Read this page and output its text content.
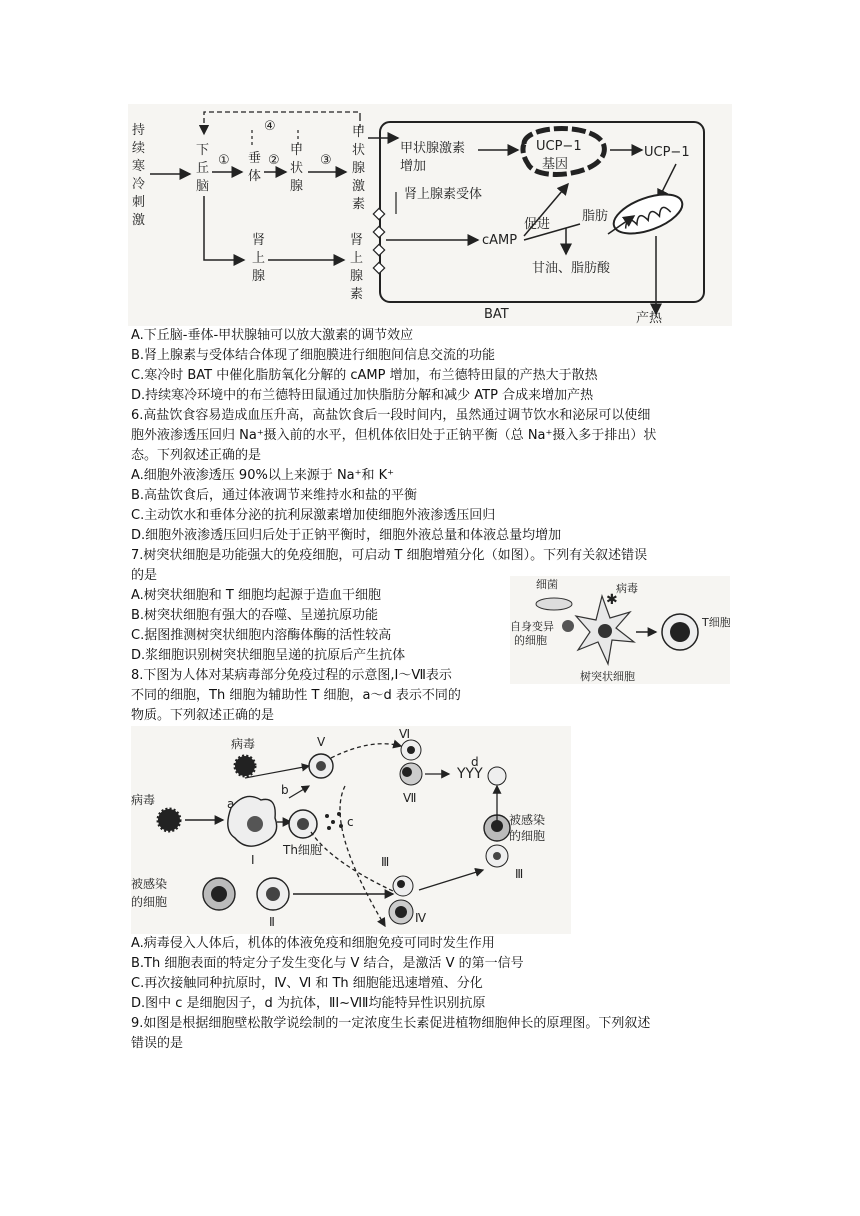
持
续
寒
冷
刺
激
下
丘
脑
垂
体
甲
状
腺
甲
状
腺
激
素
肾
上
腺
肾
上
腺
素
①	②	③
④
甲状腺激素
增加
肾上腺素受体
UCP−1
基因
UCP−1
产热
cAMP
促进
脂肪
甘油、脂肪酸
BAT
A.下丘脑-垂体-甲状腺轴可以放大激素的调节效应
B.肾上腺素与受体结合体现了细胞膜进行细胞间信息交流的功能
C.寒冷时 BAT 中催化脂肪氧化分解的 cAMP 增加，布兰德特田鼠的产热大于散热
D.持续寒冷环境中的布兰德特田鼠通过加快脂肪分解和减少 ATP 合成来增加产热
6.高盐饮食容易造成血压升高，高盐饮食后一段时间内，虽然通过调节饮水和泌尿可以使细
胞外液渗透压回归 Na⁺摄入前的水平，但机体依旧处于正钠平衡（总 Na⁺摄入多于排出）状
态。下列叙述正确的是
A.细胞外液渗透压 90%以上来源于 Na⁺和 K⁺
B.高盐饮食后，通过体液调节来维持水和盐的平衡
C.主动饮水和垂体分泌的抗利尿激素增加使细胞外液渗透压回归
D.细胞外液渗透压回归后处于正钠平衡时，细胞外液总量和体液总量均增加
7.树突状细胞是功能强大的免疫细胞，可启动 T 细胞增殖分化（如图）。下列有关叙述错误
的是
A.树突状细胞和 T 细胞均起源于造血干细胞
B.树突状细胞有强大的吞噬、呈递抗原功能
C.据图推测树突状细胞内溶酶体酶的活性较高
D.浆细胞识别树突状细胞呈递的抗原后产生抗体
细菌	病毒
✱
自身变异
的细胞
T细胞
树突状细胞
8.下图为人体对某病毒部分免疫过程的示意图,Ⅰ～Ⅶ表示
不同的细胞，Th 细胞为辅助性 T 细胞，a～d 表示不同的
物质。下列叙述正确的是
病毒
病毒	a
Ⅰ
Th细胞
b
c
Ⅴ
Ⅵ
Ⅶ
YYY
d
被感染
的细胞
Ⅱ
Ⅲ
Ⅳ
被感染
的细胞
Ⅲ
A.病毒侵入人体后，机体的体液免疫和细胞免疫可同时发生作用
B.Th 细胞表面的特定分子发生变化与 V 结合，是激活 V 的第一信号
C.再次接触同种抗原时，Ⅳ、Ⅵ 和 Th 细胞能迅速增殖、分化
D.图中 c 是细胞因子，d 为抗体，ⅡⅠ~ⅥⅡ均能特异性识别抗原
9.如图是根据细胞壁松散学说绘制的一定浓度生长素促进植物细胞伸长的原理图。下列叙述
错误的是
